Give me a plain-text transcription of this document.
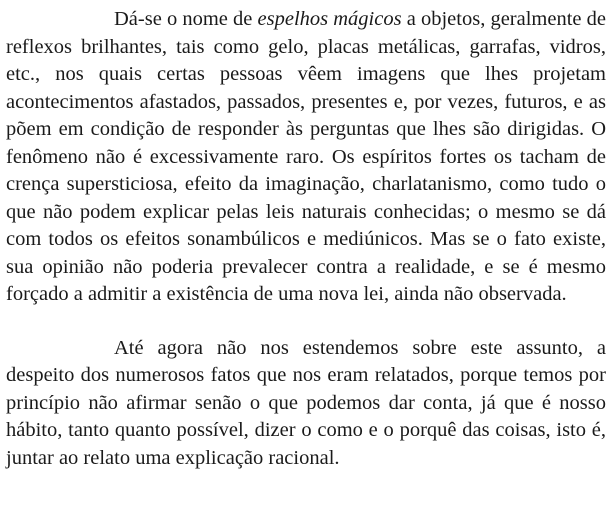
Dá-se o nome de espelhos mágicos a objetos, geralmente de reflexos brilhantes, tais como gelo, placas metálicas, garrafas, vidros, etc., nos quais certas pessoas vêem imagens que lhes projetam acontecimentos afastados, passados, presentes e, por vezes, futuros, e as põem em condição de responder às perguntas que lhes são dirigidas. O fenômeno não é excessivamente raro. Os espíritos fortes os tacham de crença supersticiosa, efeito da imaginação, charlatanismo, como tudo o que não podem explicar pelas leis naturais conhecidas; o mesmo se dá com todos os efeitos sonambúlicos e mediúnicos. Mas se o fato existe, sua opinião não poderia prevalecer contra a realidade, e se é mesmo forçado a admitir a existência de uma nova lei, ainda não observada.

Até agora não nos estendemos sobre este assunto, a despeito dos numerosos fatos que nos eram relatados, porque temos por princípio não afirmar senão o que podemos dar conta, já que é nosso hábito, tanto quanto possível, dizer o como e o porquê das coisas, isto é, juntar ao relato uma explicação racional.
